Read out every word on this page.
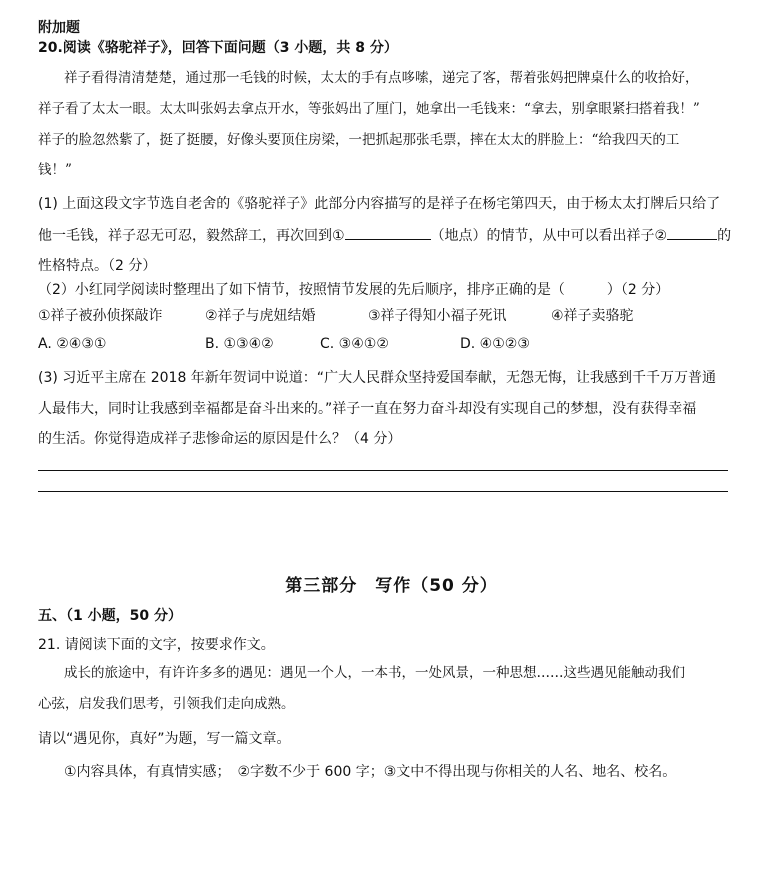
附加题
20.阅读《骆驼祥子》，回答下面问题（3 小题，共 8 分）
祥子看得清清楚楚，通过那一毛钱的时候，太太的手有点哆嗦，递完了客，帮着张妈把牌桌什么的收拾好，
祥子看了太太一眼。太太叫张妈去拿点开水，等张妈出了厘门，她拿出一毛钱来：“拿去，别拿眼紧扫搭着我！”
祥子的脸忽然紫了，挺了挺腰，好像头要顶住房梁，一把抓起那张毛票，摔在太太的胖脸上：“给我四天的工
钱！”
(1) 上面这段文字节选自老舍的《骆驼祥子》此部分内容描写的是祥子在杨宅第四天，由于杨太太打牌后只给了
他一毛钱，祥子忍无可忍，毅然辞工，再次回到①	（地点）的情节，从中可以看出祥子②	的
性格特点。（2 分）
（2）小红同学阅读时整理出了如下情节，按照情节发展的先后顺序，排序正确的是（　　　）（2 分）
①祥子被孙侦探敲诈	②祥子与虎妞结婚	③祥子得知小福子死讯	④祥子卖骆驼
A. ②④③①	B. ①③④②	C. ③④①②	D. ④①②③
(3) 习近平主席在 2018 年新年贺词中说道：“广大人民群众坚持爱国奉献，无怨无悔，让我感到千千万万普通
人最伟大，同时让我感到幸福都是奋斗出来的。”祥子一直在努力奋斗却没有实现自己的梦想，没有获得幸福
的生活。你觉得造成祥子悲惨命运的原因是什么？（4 分）
第三部分　写作（50 分）
五、（1 小题，50 分）
21. 请阅读下面的文字，按要求作文。
成长的旅途中，有许许多多的遇见：遇见一个人，一本书，一处风景，一种思想……这些遇见能触动我们
心弦，启发我们思考，引领我们走向成熟。
请以“遇见你，真好”为题，写一篇文章。
①内容具体，有真情实感；　②字数不少于 600 字；③文中不得出现与你相关的人名、地名、校名。
